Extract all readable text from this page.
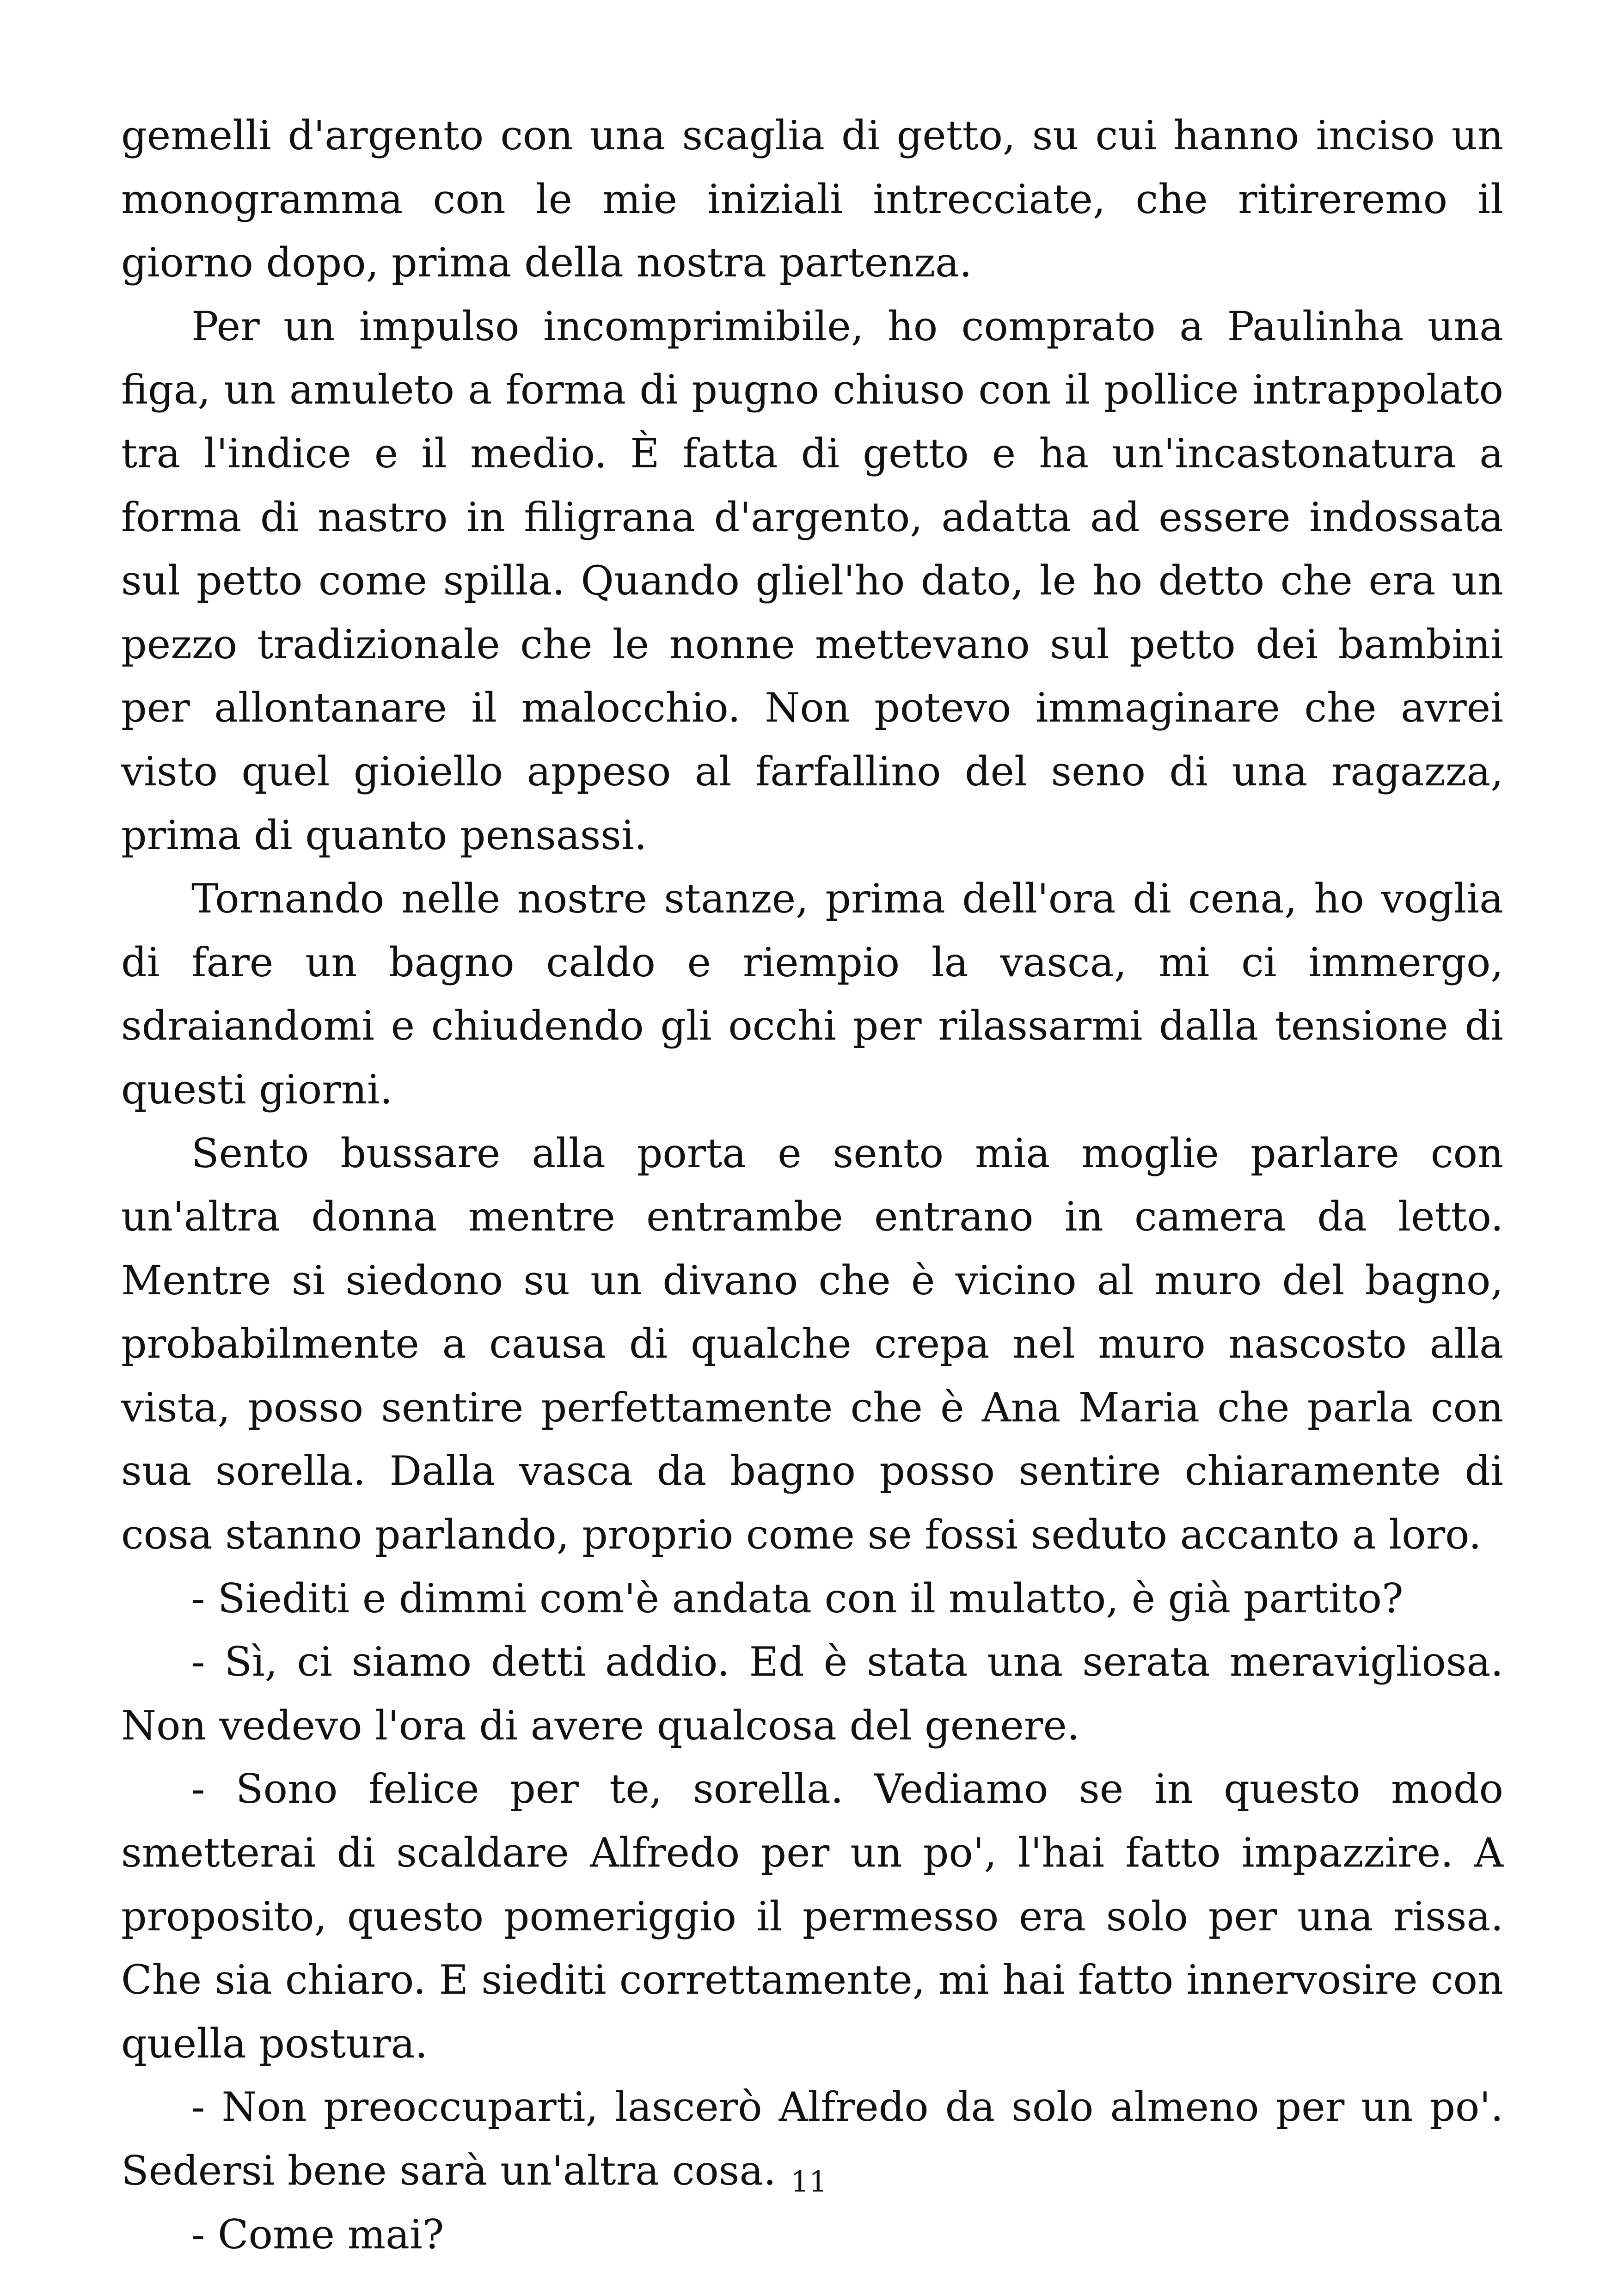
gemelli d'argento con una scaglia di getto, su cui hanno inciso un monogramma con le mie iniziali intrecciate, che ritireremo il giorno dopo, prima della nostra partenza.

Per un impulso incomprimibile, ho comprato a Paulinha una figa, un amuleto a forma di pugno chiuso con il pollice intrappolato tra l'indice e il medio. È fatta di getto e ha un'incastonatura a forma di nastro in filigrana d'argento, adatta ad essere indossata sul petto come spilla. Quando gliel'ho dato, le ho detto che era un pezzo tradizionale che le nonne mettevano sul petto dei bambini per allontanare il malocchio. Non potevo immaginare che avrei visto quel gioiello appeso al farfallino del seno di una ragazza, prima di quanto pensassi.

Tornando nelle nostre stanze, prima dell'ora di cena, ho voglia di fare un bagno caldo e riempio la vasca, mi ci immergo, sdraiandomi e chiudendo gli occhi per rilassarmi dalla tensione di questi giorni.

Sento bussare alla porta e sento mia moglie parlare con un'altra donna mentre entrambe entrano in camera da letto. Mentre si siedono su un divano che è vicino al muro del bagno, probabilmente a causa di qualche crepa nel muro nascosto alla vista, posso sentire perfettamente che è Ana Maria che parla con sua sorella. Dalla vasca da bagno posso sentire chiaramente di cosa stanno parlando, proprio come se fossi seduto accanto a loro.

- Siediti e dimmi com'è andata con il mulatto, è già partito?

- Sì, ci siamo detti addio. Ed è stata una serata meravigliosa. Non vedevo l'ora di avere qualcosa del genere.

- Sono felice per te, sorella. Vediamo se in questo modo smetterai di scaldare Alfredo per un po', l'hai fatto impazzire. A proposito, questo pomeriggio il permesso era solo per una rissa. Che sia chiaro. E siediti correttamente, mi hai fatto innervosire con quella postura.

- Non preoccuparti, lascerò Alfredo da solo almeno per un po'. Sedersi bene sarà un'altra cosa.

- Come mai?

11
